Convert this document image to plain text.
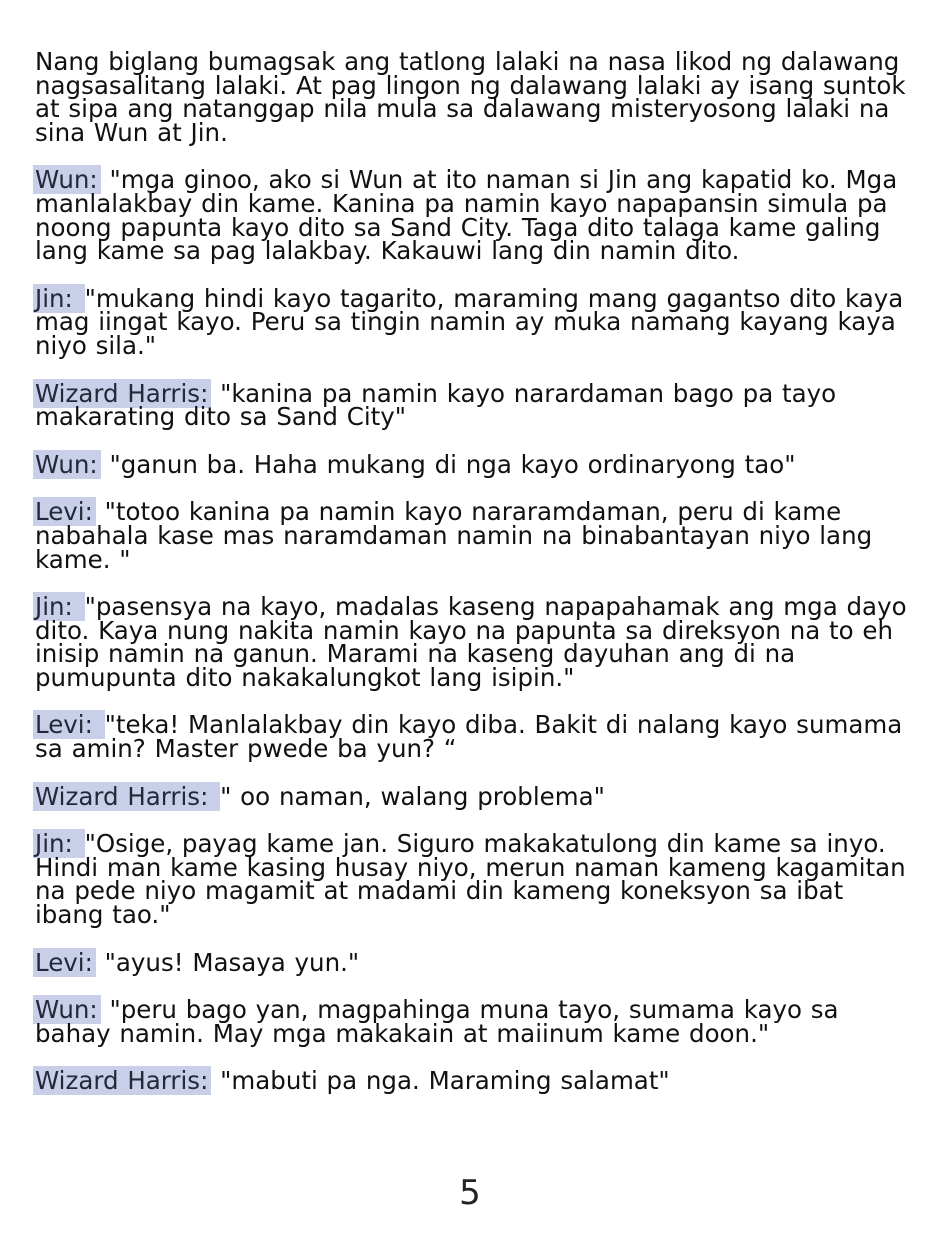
Nang biglang bumagsak ang tatlong lalaki na nasa likod ng dalawang nagsasalitang lalaki. At pag lingon ng dalawang lalaki ay isang suntok at sipa ang natanggap nila mula sa dalawang misteryosong lalaki na sina Wun at Jin.

Wun: "mga ginoo, ako si Wun at ito naman si Jin ang kapatid ko. Mga manlalakbay din kame. Kanina pa namin kayo napapansin simula pa noong papunta kayo dito sa Sand City. Taga dito talaga kame galing lang kame sa pag lalakbay. Kakauwi lang din namin dito.

Jin: "mukang hindi kayo tagarito, maraming mang gagantso dito kaya mag iingat kayo. Peru sa tingin namin ay muka namang kayang kaya niyo sila."

Wizard Harris: "kanina pa namin kayo narardaman bago pa tayo makarating dito sa Sand City"

Wun: "ganun ba. Haha mukang di nga kayo ordinaryong tao"

Levi: "totoo kanina pa namin kayo nararamdaman, peru di kame nabahala kase mas naramdaman namin na binabantayan niyo lang kame. "

Jin: "pasensya na kayo, madalas kaseng napapahamak ang mga dayo dito. Kaya nung nakita namin kayo na papunta sa direksyon na to eh inisip namin na ganun. Marami na kaseng dayuhan ang di na pumupunta dito nakakalungkot lang isipin."

Levi: "teka! Manlalakbay din kayo diba. Bakit di nalang kayo sumama sa amin? Master pwede ba yun? “

Wizard Harris: " oo naman, walang problema"

Jin: "Osige, payag kame jan. Siguro makakatulong din kame sa inyo. Hindi man kame kasing husay niyo, merun naman kameng kagamitan na pede niyo magamit at madami din kameng koneksyon sa ibat ibang tao."

Levi: "ayus! Masaya yun."

Wun: "peru bago yan, magpahinga muna tayo, sumama kayo sa bahay namin. May mga makakain at maiinum kame doon."

Wizard Harris: "mabuti pa nga. Maraming salamat"

5
